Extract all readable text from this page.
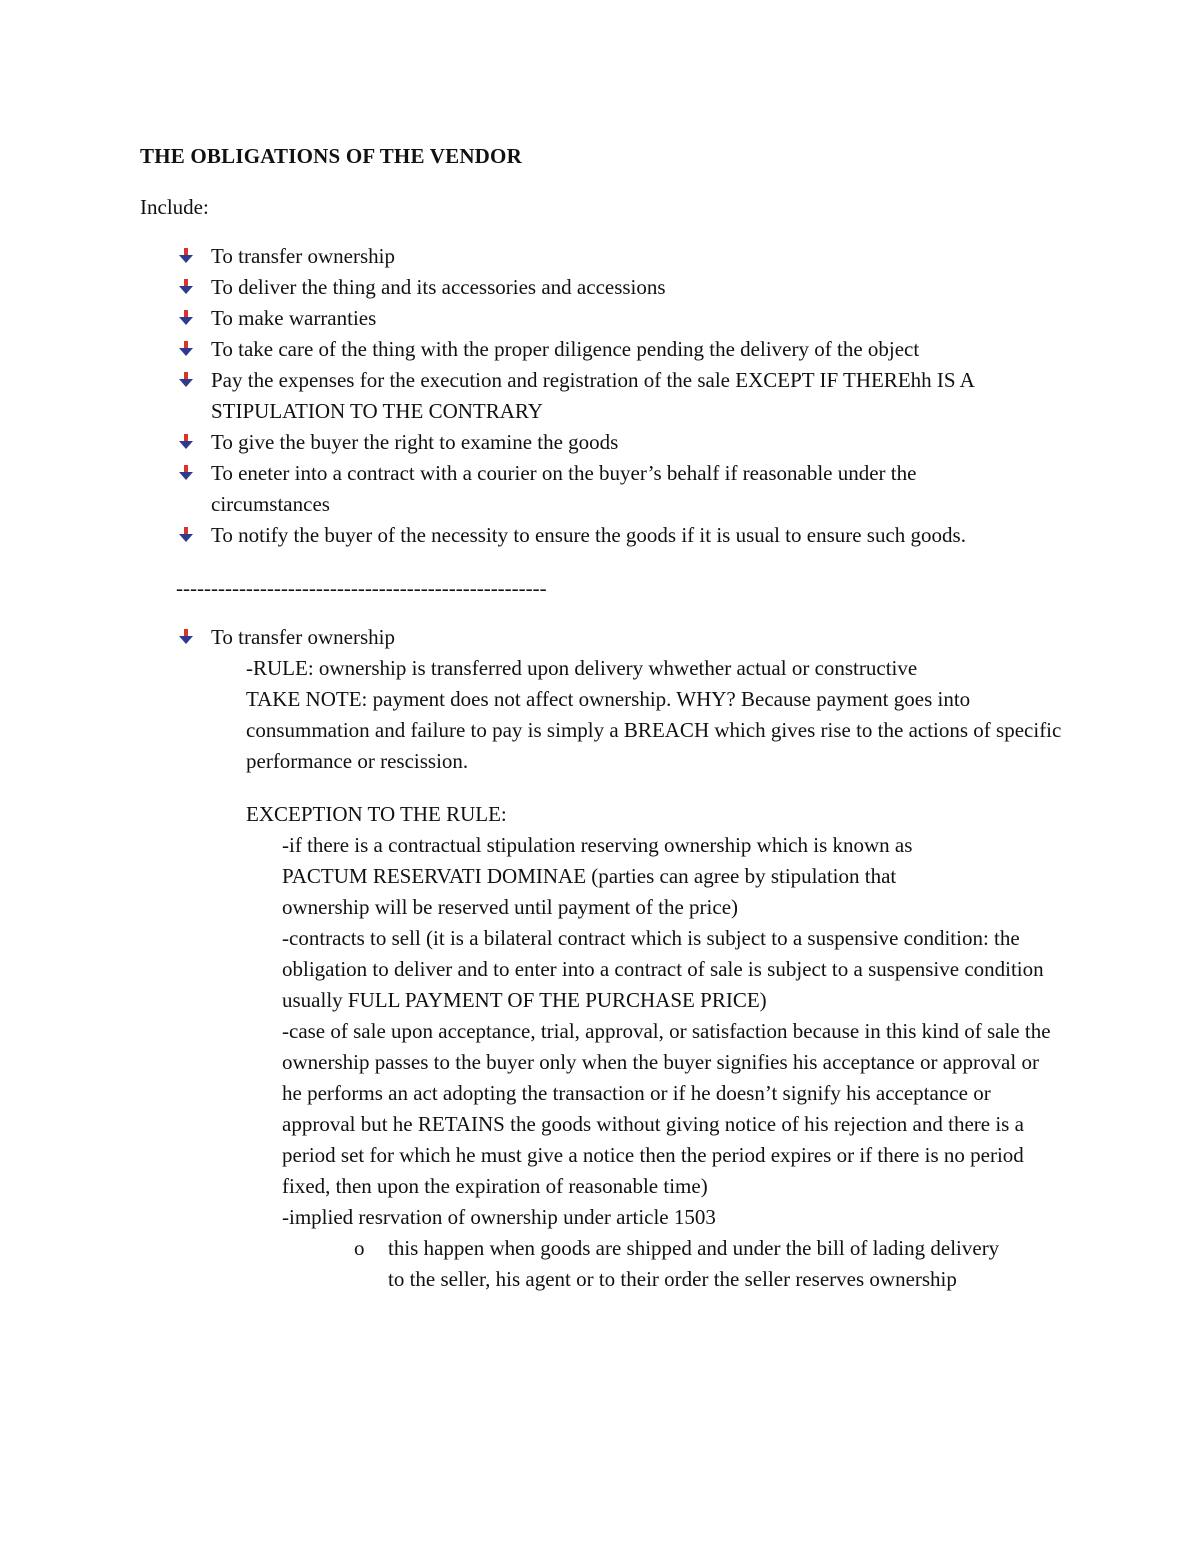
THE OBLIGATIONS OF THE VENDOR
Include:
To transfer ownership
To deliver the thing and its accessories and accessions
To make warranties
To take care of the thing with the proper diligence pending the delivery of the object
Pay the expenses for the execution and registration of the sale EXCEPT IF THEREhh IS A STIPULATION TO THE CONTRARY
To give the buyer the right to examine the goods
To eneter into a contract with a courier on the buyer’s behalf if reasonable under the circumstances
To notify the buyer of the necessity to ensure the goods if it is usual to ensure such goods.
-----------------------------------------------------
To transfer ownership

-RULE: ownership is transferred upon delivery whwether actual or constructive

TAKE NOTE: payment does not affect ownership. WHY? Because payment goes into consummation and failure to pay is simply a BREACH which gives rise to the actions of specific performance or rescission.

EXCEPTION TO THE RULE:

-if there is a contractual stipulation reserving ownership which is known as PACTUM RESERVATI DOMINAE (parties can agree by stipulation that ownership will be reserved until payment of the price)

-contracts to sell (it is a bilateral contract which is subject to a suspensive condition: the obligation to deliver and to enter into a contract of sale is subject to a suspensive condition usually FULL PAYMENT OF THE PURCHASE PRICE)

-case of sale upon acceptance, trial, approval, or satisfaction because in this kind of sale the ownership passes to the buyer only when the buyer signifies his acceptance or approval or he performs an act adopting the transaction or if he doesn’t signify his acceptance or approval but he RETAINS the goods without giving notice of his rejection and there is a period set for which he must give a notice then the period expires or if there is no period fixed, then upon the expiration of reasonable time)

-implied resrvation of ownership under article 1503

o this happen when goods are shipped and under the bill of lading delivery to the seller, his agent or to their order the seller reserves ownership
